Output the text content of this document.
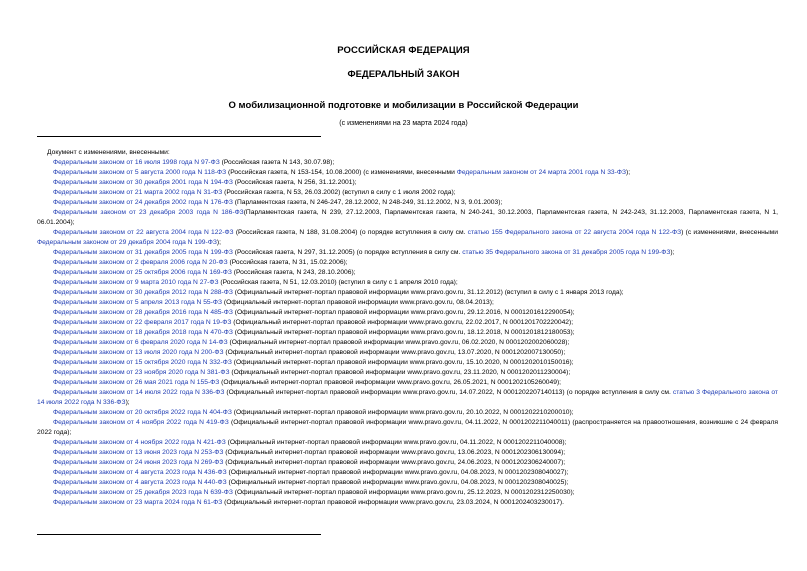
РОССИЙСКАЯ ФЕДЕРАЦИЯ
ФЕДЕРАЛЬНЫЙ ЗАКОН
О мобилизационной подготовке и мобилизации в Российской Федерации
(с изменениями на 23 марта 2024 года)

Документ с изменениями, внесенными:

Федеральным законом от 16 июля 1998 года N 97-ФЗ (Российская газета N 143, 30.07.98);

Федеральным законом от 5 августа 2000 года N 118-ФЗ (Российская газета, N 153-154, 10.08.2000) (с изменениями, внесенными Федеральным законом от 24 марта 2001 года N 33-ФЗ);

Федеральным законом от 30 декабря 2001 года N 194-ФЗ (Российская газета, N 256, 31.12.2001);

Федеральным законом от 21 марта 2002 года N 31-ФЗ (Российская газета, N 53, 26.03.2002) (вступил в силу с 1 июля 2002 года);

Федеральным законом от 24 декабря 2002 года N 176-ФЗ (Парламентская газета, N 246-247, 28.12.2002, N 248-249, 31.12.2002, N 3, 9.01.2003);

Федеральным законом от 23 декабря 2003 года N 186-ФЗ(Парламентская газета, N 239, 27.12.2003, Парламентская газета, N 240-241, 30.12.2003, Парламентская газета, N 242-243, 31.12.2003, Парламентская газета, N 1, 06.01.2004);

Федеральным законом от 22 августа 2004 года N 122-ФЗ (Российская газета, N 188, 31.08.2004) (о порядке вступления в силу см. статью 155 Федерального закона от 22 августа 2004 года N 122-ФЗ) (с изменениями, внесенными Федеральным законом от 29 декабря 2004 года N 199-ФЗ);

Федеральным законом от 31 декабря 2005 года N 199-ФЗ (Российская газета, N 297, 31.12.2005) (о порядке вступления в силу см. статью 35 Федерального закона от 31 декабря 2005 года N 199-ФЗ);

Федеральным законом от 2 февраля 2006 года N 20-ФЗ (Российская газета, N 31, 15.02.2006);

Федеральным законом от 25 октября 2006 года N 169-ФЗ (Российская газета, N 243, 28.10.2006);

Федеральным законом от 9 марта 2010 года N 27-ФЗ (Российская газета, N 51, 12.03.2010) (вступил в силу с 1 апреля 2010 года);

Федеральным законом от 30 декабря 2012 года N 288-ФЗ (Официальный интернет-портал правовой информации www.pravo.gov.ru, 31.12.2012) (вступил в силу с 1 января 2013 года);

Федеральным законом от 5 апреля 2013 года N 55-ФЗ (Официальный интернет-портал правовой информации www.pravo.gov.ru, 08.04.2013);

Федеральным законом от 28 декабря 2016 года N 485-ФЗ (Официальный интернет-портал правовой информации www.pravo.gov.ru, 29.12.2016, N 0001201612290054);

Федеральным законом от 22 февраля 2017 года N 19-ФЗ (Официальный интернет-портал правовой информации www.pravo.gov.ru, 22.02.2017, N 0001201702220042);

Федеральным законом от 18 декабря 2018 года N 470-ФЗ (Официальный интернет-портал правовой информации www.pravo.gov.ru, 18.12.2018, N 0001201812180053);

Федеральным законом от 6 февраля 2020 года N 14-ФЗ (Официальный интернет-портал правовой информации www.pravo.gov.ru, 06.02.2020, N 0001202002060028);

Федеральным законом от 13 июля 2020 года N 200-ФЗ (Официальный интернет-портал правовой информации www.pravo.gov.ru, 13.07.2020, N 0001202007130050);

Федеральным законом от 15 октября 2020 года N 332-ФЗ (Официальный интернет-портал правовой информации www.pravo.gov.ru, 15.10.2020, N 0001202010150016);

Федеральным законом от 23 ноября 2020 года N 381-ФЗ (Официальный интернет-портал правовой информации www.pravo.gov.ru, 23.11.2020, N 0001202011230004);

Федеральным законом от 26 мая 2021 года N 155-ФЗ (Официальный интернет-портал правовой информации www.pravo.gov.ru, 26.05.2021, N 0001202105260049);

Федеральным законом от 14 июля 2022 года N 336-ФЗ (Официальный интернет-портал правовой информации www.pravo.gov.ru, 14.07.2022, N 0001202207140113) (о порядке вступления в силу см. статью 3 Федерального закона от 14 июля 2022 года N 336-ФЗ);

Федеральным законом от 20 октября 2022 года N 404-ФЗ (Официальный интернет-портал правовой информации www.pravo.gov.ru, 20.10.2022, N 0001202210200010);

Федеральным законом от 4 ноября 2022 года N 419-ФЗ (Официальный интернет-портал правовой информации www.pravo.gov.ru, 04.11.2022, N 0001202211040011) (распространяется на правоотношения, возникшие с 24 февраля 2022 года);

Федеральным законом от 4 ноября 2022 года N 421-ФЗ (Официальный интернет-портал правовой информации www.pravo.gov.ru, 04.11.2022, N 0001202211040008);

Федеральным законом от 13 июня 2023 года N 253-ФЗ (Официальный интернет-портал правовой информации www.pravo.gov.ru, 13.06.2023, N 0001202306130094);

Федеральным законом от 24 июня 2023 года N 269-ФЗ (Официальный интернет-портал правовой информации www.pravo.gov.ru, 24.06.2023, N 0001202306240007);

Федеральным законом от 4 августа 2023 года N 436-ФЗ (Официальный интернет-портал правовой информации www.pravo.gov.ru, 04.08.2023, N 0001202308040027);

Федеральным законом от 4 августа 2023 года N 440-ФЗ (Официальный интернет-портал правовой информации www.pravo.gov.ru, 04.08.2023, N 0001202308040025);

Федеральным законом от 25 декабря 2023 года N 639-ФЗ (Официальный интернет-портал правовой информации www.pravo.gov.ru, 25.12.2023, N 0001202312250030);

Федеральным законом от 23 марта 2024 года N 61-ФЗ (Официальный интернет-портал правовой информации www.pravo.gov.ru, 23.03.2024, N 0001202403230017).
